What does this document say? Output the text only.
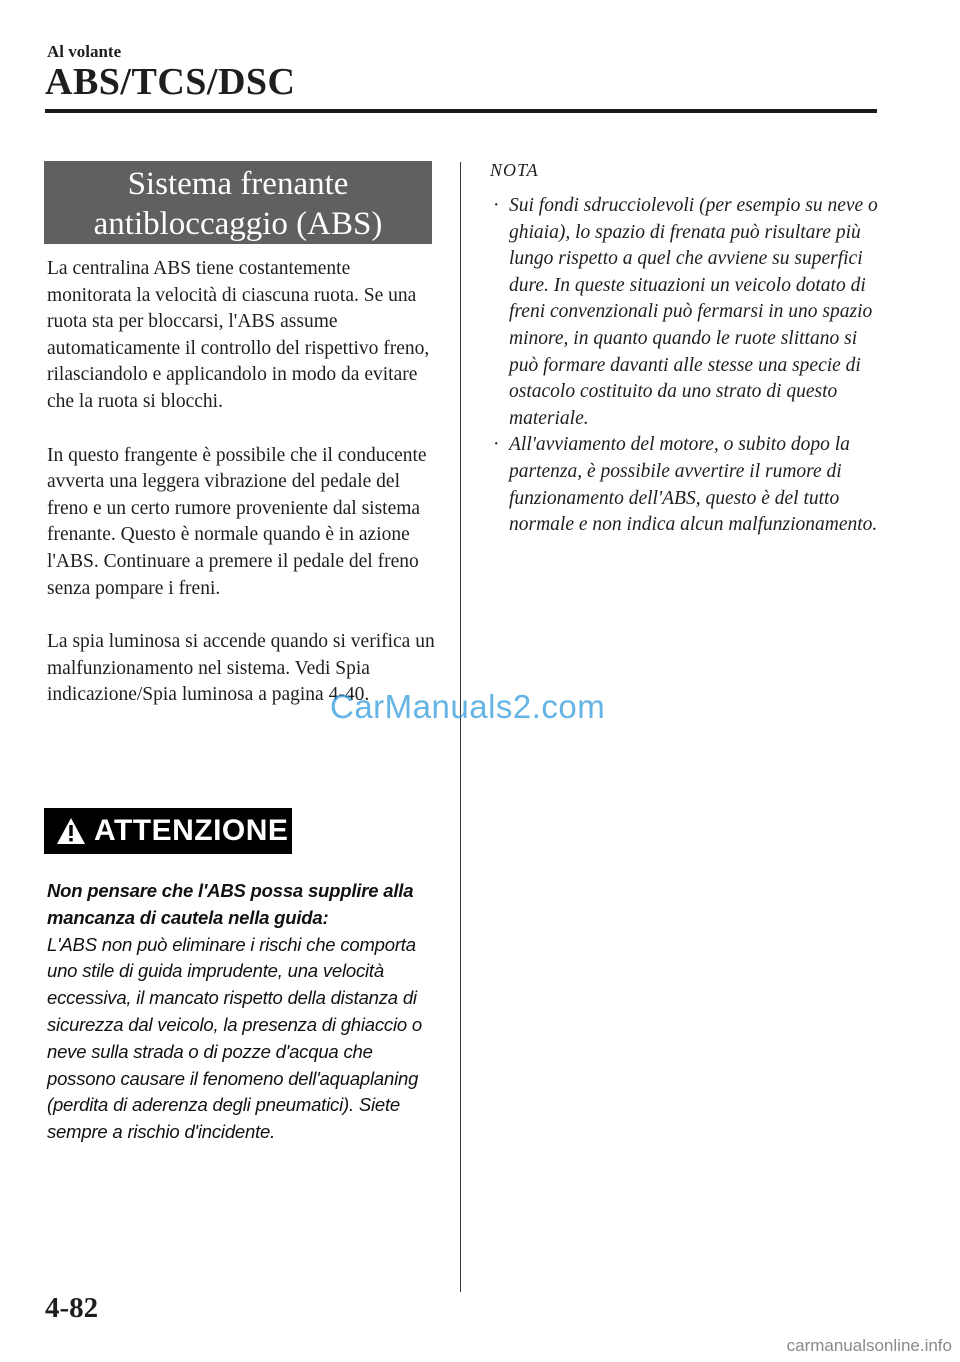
Al volante
ABS/TCS/DSC
Sistema frenante
antibloccaggio (ABS)

La centralina ABS tiene costantemente monitorata la velocità di ciascuna ruota. Se una ruota sta per bloccarsi, l'ABS assume automaticamente il controllo del rispettivo freno, rilasciandolo e applicandolo in modo da evitare che la ruota si blocchi.

In questo frangente è possibile che il conducente avverta una leggera vibrazione del pedale del freno e un certo rumore proveniente dal sistema frenante. Questo è normale quando è in azione l'ABS. Continuare a premere il pedale del freno senza pompare i freni.

La spia luminosa si accende quando si verifica un malfunzionamento nel sistema. Vedi Spia indicazione/Spia luminosa a pagina 4-40.

ATTENZIONE
Non pensare che l'ABS possa supplire alla mancanza di cautela nella guida:
L'ABS non può eliminare i rischi che comporta uno stile di guida imprudente, una velocità eccessiva, il mancato rispetto della distanza di sicurezza dal veicolo, la presenza di ghiaccio o neve sulla strada o di pozze d'acqua che possono causare il fenomeno dell'aquaplaning (perdita di aderenza degli pneumatici). Siete sempre a rischio d'incidente.
NOTA
· Sui fondi sdrucciolevoli (per esempio su neve o ghiaia), lo spazio di frenata può risultare più lungo rispetto a quel che avviene su superfici dure. In queste situazioni un veicolo dotato di freni convenzionali può fermarsi in uno spazio minore, in quanto quando le ruote slittano si può formare davanti alle stesse una specie di ostacolo costituito da uno strato di questo materiale.
· All'avviamento del motore, o subito dopo la partenza, è possibile avvertire il rumore di funzionamento dell'ABS, questo è del tutto normale e non indica alcun malfunzionamento.
CarManuals2.com
4-82
carmanualsonline.info
